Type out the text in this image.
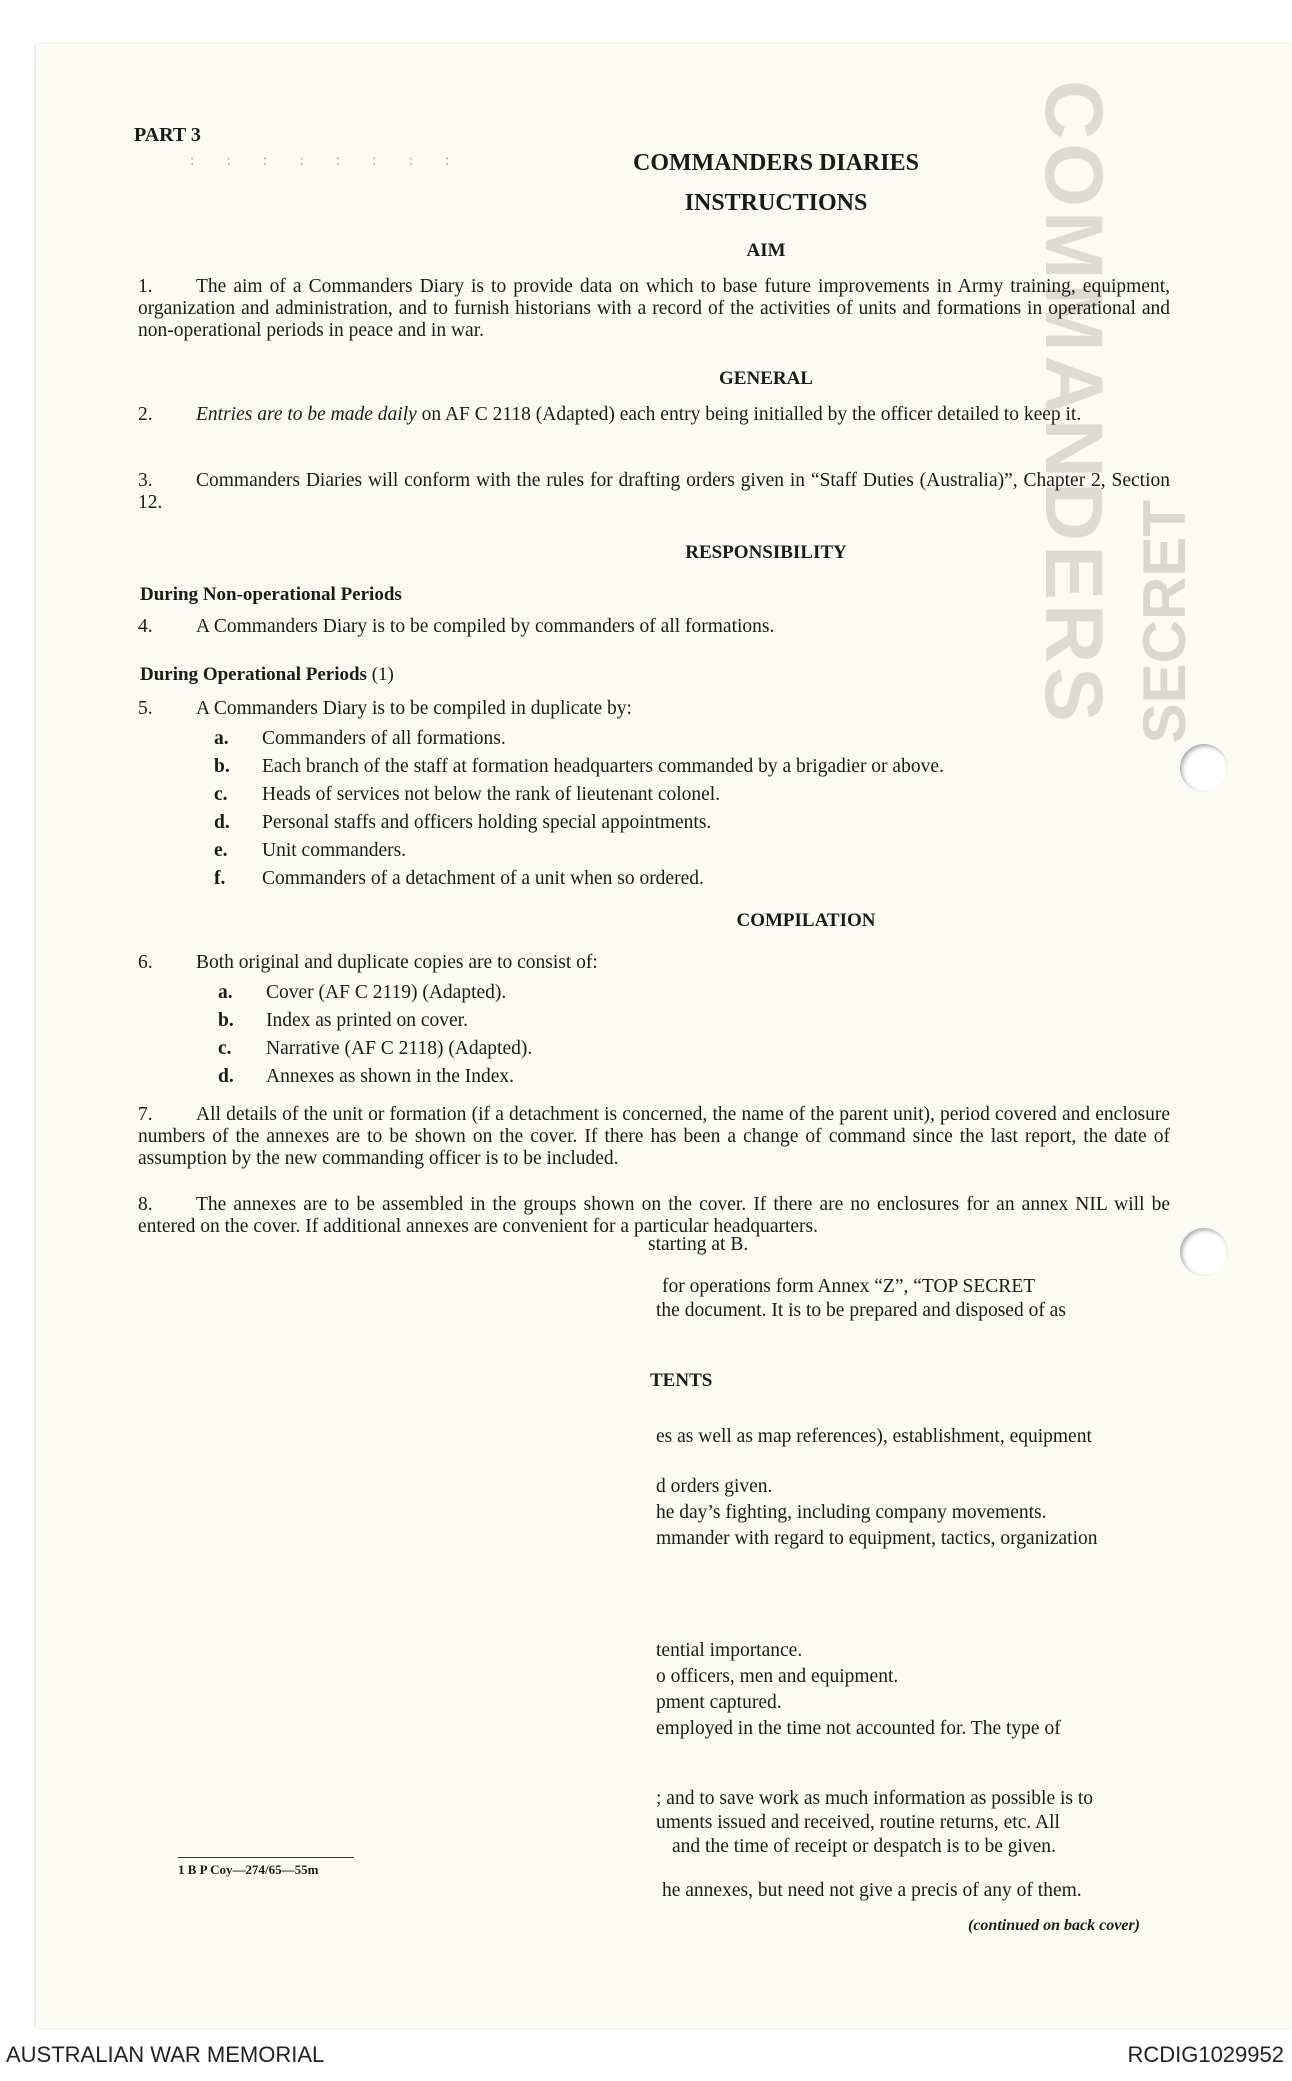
COMMANDERS SECRET
: : : : : : : :
PART 3
COMMANDERS DIARIES
INSTRUCTIONS
AIM
1. The aim of a Commanders Diary is to provide data on which to base future improvements in Army training, equipment, organization and administration, and to furnish historians with a record of the activities of units and formations in operational and non-operational periods in peace and in war.
GENERAL
2. Entries are to be made daily on AF C 2118 (Adapted) each entry being initialled by the officer detailed to keep it.
3. Commanders Diaries will conform with the rules for drafting orders given in “Staff Duties (Australia)”, Chapter 2, Section 12.
RESPONSIBILITY
During Non-operational Periods
4. A Commanders Diary is to be compiled by commanders of all formations.
During Operational Periods (1)
5. A Commanders Diary is to be compiled in duplicate by:
a. Commanders of all formations.
b. Each branch of the staff at formation headquarters commanded by a brigadier or above.
c. Heads of services not below the rank of lieutenant colonel.
d. Personal staffs and officers holding special appointments.
e. Unit commanders.
f. Commanders of a detachment of a unit when so ordered.
COMPILATION
6. Both original and duplicate copies are to consist of:
a. Cover (AF C 2119) (Adapted).
b. Index as printed on cover.
c. Narrative (AF C 2118) (Adapted).
d. Annexes as shown in the Index.
7. All details of the unit or formation (if a detachment is concerned, the name of the parent unit), period covered and enclosure numbers of the annexes are to be shown on the cover. If there has been a change of command since the last report, the date of assumption by the new commanding officer is to be included.
8. The annexes are to be assembled in the groups shown on the cover. If there are no enclosures for an annex NIL will be entered on the cover. If additional annexes are convenient for a particular headquarters.
starting at B.
for operations form Annex “Z”, “TOP SECRET
the document. It is to be prepared and disposed of as
TENTS
es as well as map references), establishment, equipment
d orders given.
he day’s fighting, including company movements.
mmander with regard to equipment, tactics, organization
tential importance.
o officers, men and equipment.
pment captured.
employed in the time not accounted for. The type of
; and to save work as much information as possible is to
uments issued and received, routine returns, etc. All
and the time of receipt or despatch is to be given.
he annexes, but need not give a precis of any of them.
1 B P Coy—274/65—55m
(continued on back cover)
AUSTRALIAN WAR MEMORIAL	RCDIG1029952
